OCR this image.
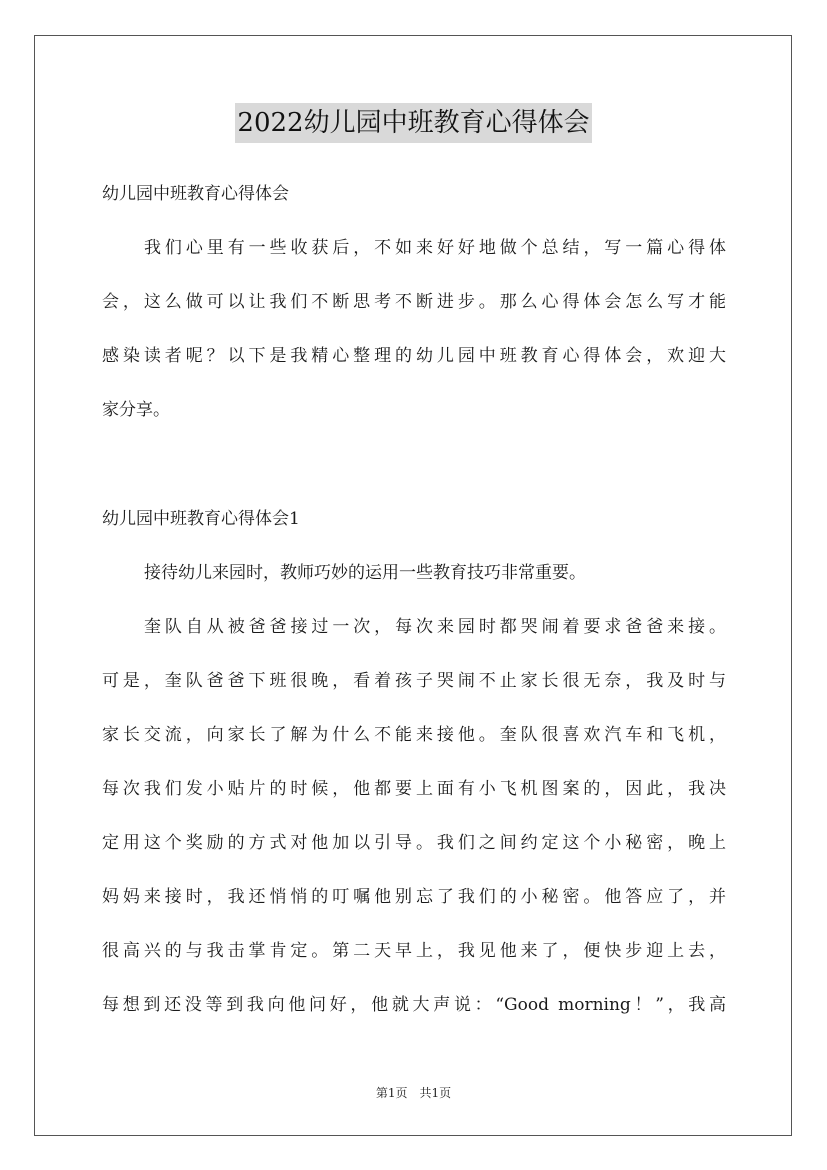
2022幼儿园中班教育心得体会

幼儿园中班教育心得体会

我们心里有一些收获后，不如来好好地做个总结，写一篇心得体

会，这么做可以让我们不断思考不断进步。那么心得体会怎么写才能

感染读者呢？以下是我精心整理的幼儿园中班教育心得体会，欢迎大

家分享。

幼儿园中班教育心得体会1

接待幼儿来园时，教师巧妙的运用一些教育技巧非常重要。

奎队自从被爸爸接过一次，每次来园时都哭闹着要求爸爸来接。

可是，奎队爸爸下班很晚，看着孩子哭闹不止家长很无奈，我及时与

家长交流，向家长了解为什么不能来接他。奎队很喜欢汽车和飞机，

每次我们发小贴片的时候，他都要上面有小飞机图案的，因此，我决

定用这个奖励的方式对他加以引导。我们之间约定这个小秘密，晚上

妈妈来接时，我还悄悄的叮嘱他别忘了我们的小秘密。他答应了，并

很高兴的与我击掌肯定。第二天早上，我见他来了，便快步迎上去，

每想到还没等到我向他问好，他就大声说：“Good morning！”，我高

第1页 共1页
